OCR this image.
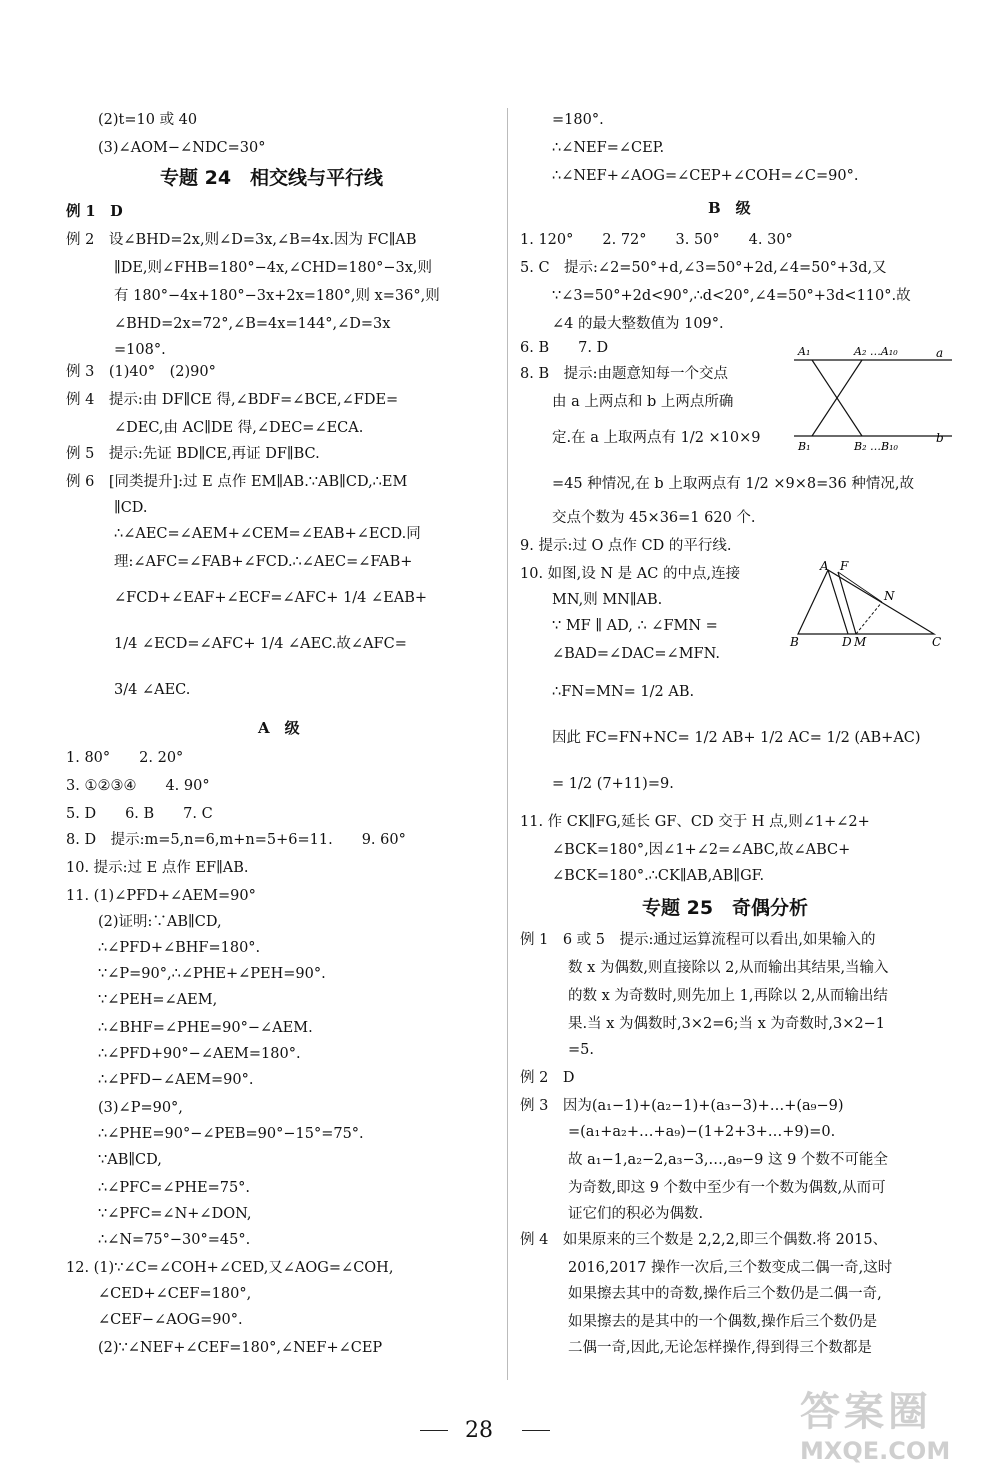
(2)t=10 或 40
(3)∠AOM−∠NDC=30°
专题 24　相交线与平行线
例 1　D
例 2　设∠BHD=2x,则∠D=3x,∠B=4x.因为 FC∥AB
∥DE,则∠FHB=180°−4x,∠CHD=180°−3x,则
有 180°−4x+180°−3x+2x=180°,则 x=36°,则
∠BHD=2x=72°,∠B=4x=144°,∠D=3x
=108°.
例 3　(1)40°　(2)90°
例 4　提示:由 DF∥CE 得,∠BDF=∠BCE,∠FDE=
∠DEC,由 AC∥DE 得,∠DEC=∠ECA.
例 5　提示:先证 BD∥CE,再证 DF∥BC.
例 6　[同类提升]:过 E 点作 EM∥AB.∵AB∥CD,∴EM
∥CD.
∴∠AEC=∠AEM+∠CEM=∠EAB+∠ECD.同
理:∠AFC=∠FAB+∠FCD.∴∠AEC=∠FAB+
∠FCD+∠EAF+∠ECF=∠AFC+ 1/4 ∠EAB+
1/4 ∠ECD=∠AFC+ 1/4 ∠AEC.故∠AFC=
3/4 ∠AEC.
A　级
1. 80°　　2. 20°
3. ①②③④　　4. 90°
5. D　　6. B　　7. C
8. D　提示:m=5,n=6,m+n=5+6=11.　　9. 60°
10. 提示:过 E 点作 EF∥AB.
11. (1)∠PFD+∠AEM=90°
(2)证明:∵AB∥CD,
∴∠PFD+∠BHF=180°.
∵∠P=90°,∴∠PHE+∠PEH=90°.
∵∠PEH=∠AEM,
∴∠BHF=∠PHE=90°−∠AEM.
∴∠PFD+90°−∠AEM=180°.
∴∠PFD−∠AEM=90°.
(3)∠P=90°,
∴∠PHE=90°−∠PEB=90°−15°=75°.
∵AB∥CD,
∴∠PFC=∠PHE=75°.
∵∠PFC=∠N+∠DON,
∴∠N=75°−30°=45°.
12. (1)∵∠C=∠COH+∠CED,又∠AOG=∠COH,
∠CED+∠CEF=180°,
∠CEF−∠AOG=90°.
(2)∵∠NEF+∠CEF=180°,∠NEF+∠CEP
=180°.
∴∠NEF=∠CEP.
∴∠NEF+∠AOG=∠CEP+∠COH=∠C=90°.
B　级
1. 120°　　2. 72°　　3. 50°　　4. 30°
5. C　提示:∠2=50°+d,∠3=50°+2d,∠4=50°+3d,又
∵∠3=50°+2d<90°,∴d<20°,∠4=50°+3d<110°.故
∠4 的最大整数值为 109°.
6. B　　7. D
8. B　提示:由题意知每一个交点
由 a 上两点和 b 上两点所确
定.在 a 上取两点有 1/2 ×10×9
=45 种情况,在 b 上取两点有 1/2 ×9×8=36 种情况,故
交点个数为 45×36=1 620 个.
9. 提示:过 O 点作 CD 的平行线.
10. 如图,设 N 是 AC 的中点,连接
MN,则 MN∥AB.
∵ MF ∥ AD, ∴ ∠FMN =
∠BAD=∠DAC=∠MFN.
∴FN=MN= 1/2 AB.
因此 FC=FN+NC= 1/2 AB+ 1/2 AC= 1/2 (AB+AC)
= 1/2 (7+11)=9.
11. 作 CK∥FG,延长 GF、CD 交于 H 点,则∠1+∠2+
∠BCK=180°,因∠1+∠2=∠ABC,故∠ABC+
∠BCK=180°.∴CK∥AB,AB∥GF.
专题 25　奇偶分析
例 1　6 或 5　提示:通过运算流程可以看出,如果输入的
数 x 为偶数,则直接除以 2,从而输出其结果,当输入
的数 x 为奇数时,则先加上 1,再除以 2,从而输出结
果.当 x 为偶数时,3×2=6;当 x 为奇数时,3×2−1
=5.
例 2　D
例 3　因为(a₁−1)+(a₂−1)+(a₃−3)+…+(a₉−9)
=(a₁+a₂+…+a₉)−(1+2+3+…+9)=0.
故 a₁−1,a₂−2,a₃−3,…,a₉−9 这 9 个数不可能全
为奇数,即这 9 个数中至少有一个数为偶数,从而可
证它们的积必为偶数.
例 4　如果原来的三个数是 2,2,2,即三个偶数.将 2015、
2016,2017 操作一次后,三个数变成二偶一奇,这时
如果擦去其中的奇数,操作后三个数仍是二偶一奇,
如果擦去的是其中的一个偶数,操作后三个数仍是
二偶一奇,因此,无论怎样操作,得到得三个数都是
A₁	A₂ …A₁₀	a
B₁	B₂ …B₁₀
b
A F
N
B	D M	C
28	答案圈
MXQE.COM
